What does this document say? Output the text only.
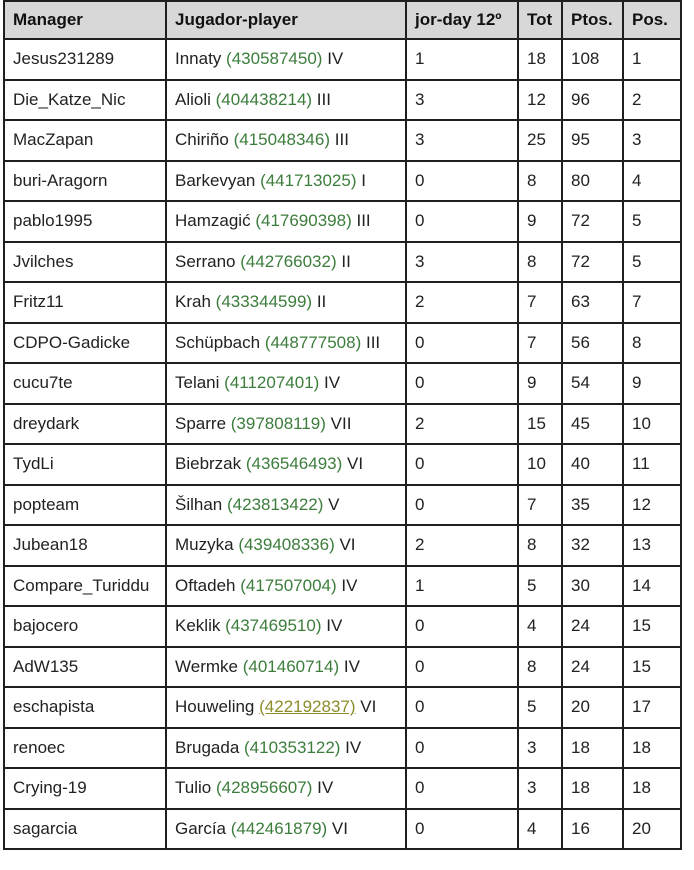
Manager	Jugador-player	jor-day 12º	Tot	Ptos.	Pos.
Jesus231289	Innaty (430587450) IV	1	18	108	1
Die_Katze_Nic	Alioli (404438214) III	3	12	96	2
MacZapan	Chiriño (415048346) III	3	25	95	3
buri-Aragorn	Barkevyan (441713025) I	0	8	80	4
pablo1995	Hamzagić (417690398) III	0	9	72	5
Jvilches	Serrano (442766032) II	3	8	72	5
Fritz11	Krah (433344599) II	2	7	63	7
CDPO-Gadicke	Schüpbach (448777508) III	0	7	56	8
cucu7te	Telani (411207401) IV	0	9	54	9
dreydark	Sparre (397808119) VII	2	15	45	10
TydLi	Biebrzak (436546493) VI	0	10	40	11
popteam	Šilhan (423813422) V	0	7	35	12
Jubean18	Muzyka (439408336) VI	2	8	32	13
Compare_Turiddu	Oftadeh (417507004) IV	1	5	30	14
bajocero	Keklik (437469510) IV	0	4	24	15
AdW135	Wermke (401460714) IV	0	8	24	15
eschapista	Houweling (422192837) VI	0	5	20	17
renoec	Brugada (410353122) IV	0	3	18	18
Crying-19	Tulio (428956607) IV	0	3	18	18
sagarcia	García (442461879) VI	0	4	16	20
